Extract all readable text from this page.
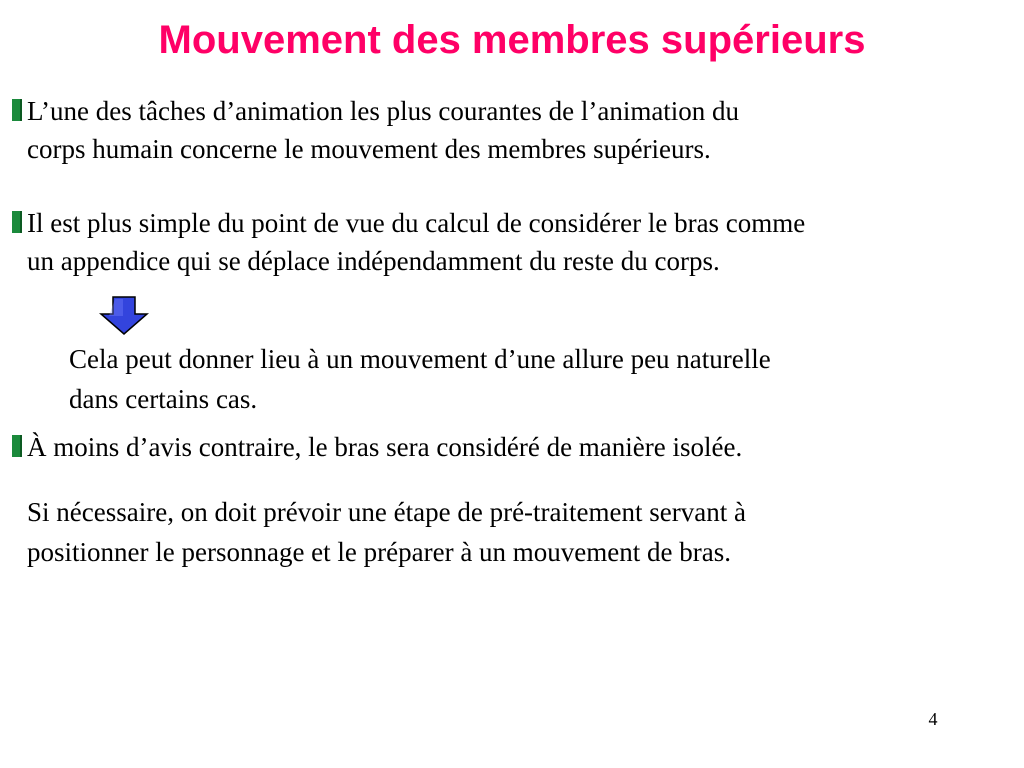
Mouvement des membres supérieurs

L’une des tâches d’animation les plus courantes de l’animation du
corps humain concerne le mouvement des membres supérieurs.

Il est plus simple du point de vue du calcul de considérer le bras comme
un appendice qui se déplace indépendamment du reste du corps.

Cela peut donner lieu à un mouvement d’une allure peu naturelle
dans certains cas.

À moins d’avis contraire, le bras sera considéré de manière isolée.

Si nécessaire, on doit prévoir une étape de pré-traitement servant à
positionner le personnage et le préparer à un mouvement de bras.

4
